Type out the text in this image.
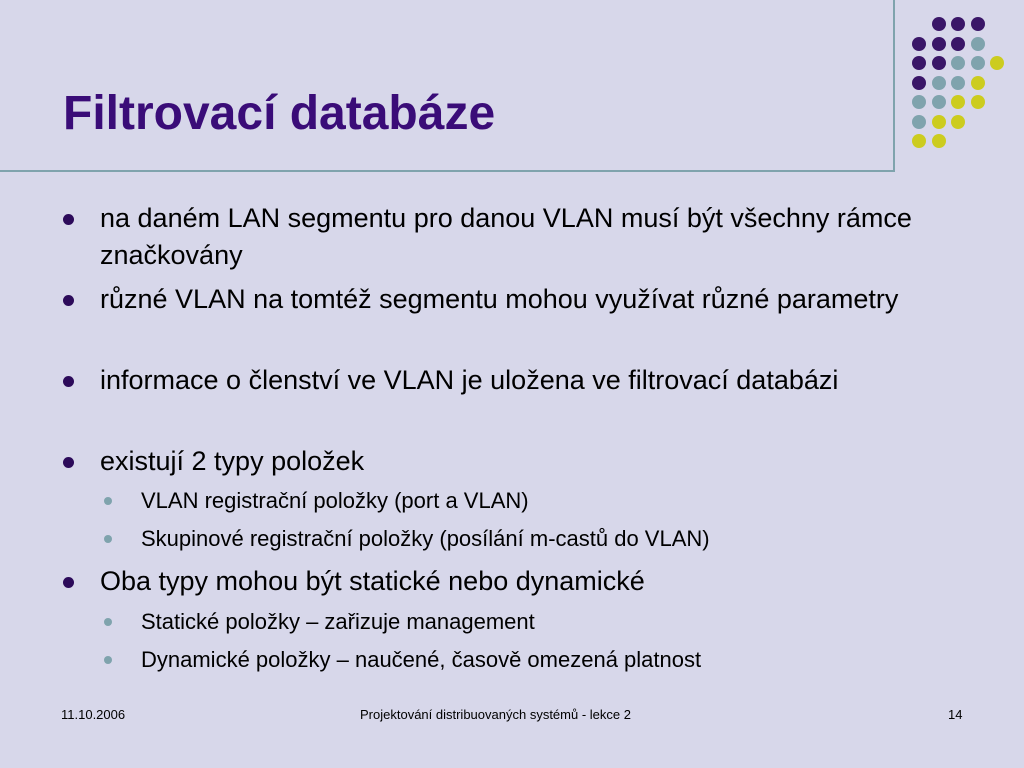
Filtrovací databáze
na daném LAN segmentu pro danou VLAN musí být všechny rámce značkovány
různé VLAN na tomtéž segmentu mohou využívat různé parametry
informace o členství ve VLAN je uložena ve filtrovací databázi
existují 2 typy položek
VLAN registrační položky (port a VLAN)
Skupinové registrační položky (posílání m-castů do VLAN)
Oba typy mohou být statické nebo dynamické
Statické položky – zařizuje management
Dynamické položky – naučené, časově omezená platnost
11.10.2006	Projektování distribuovaných systémů - lekce 2	14
